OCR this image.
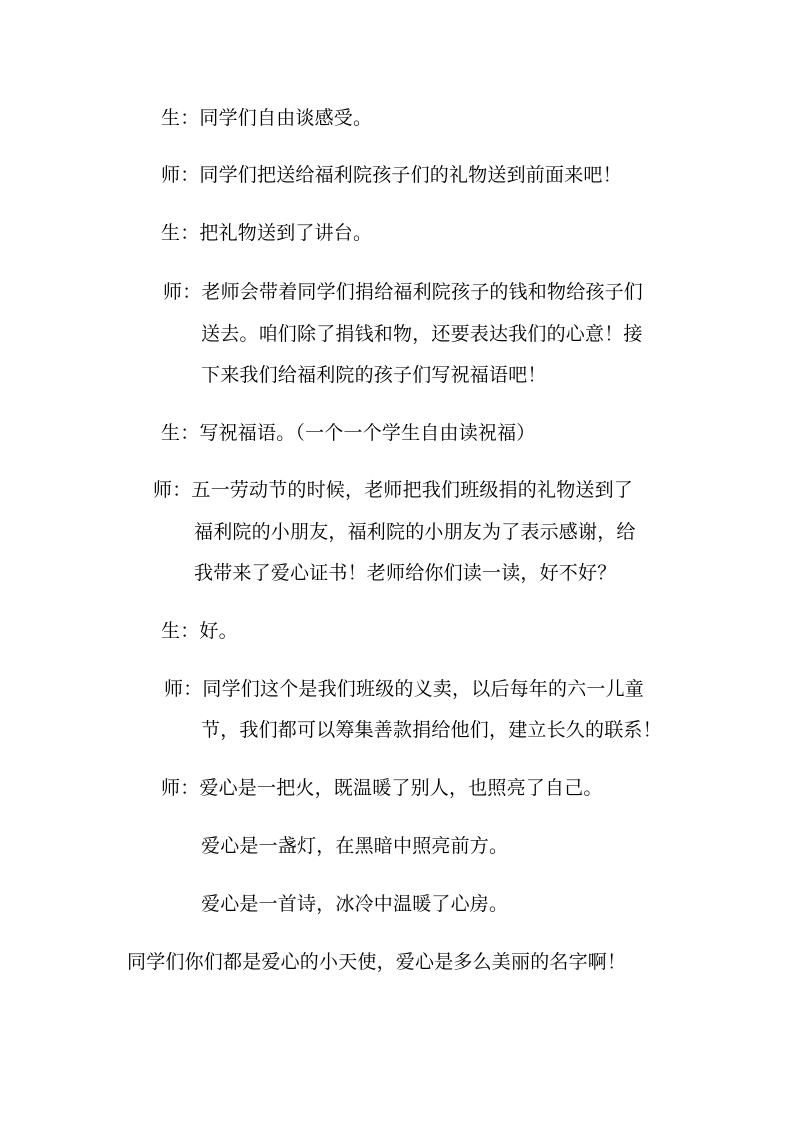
生：同学们自由谈感受。
师：同学们把送给福利院孩子们的礼物送到前面来吧！
生：把礼物送到了讲台。
师：老师会带着同学们捐给福利院孩子的钱和物给孩子们
送去。咱们除了捐钱和物，还要表达我们的心意！接
下来我们给福利院的孩子们写祝福语吧！
生：写祝福语。（一个一个学生自由读祝福）
师：五一劳动节的时候，老师把我们班级捐的礼物送到了
福利院的小朋友，福利院的小朋友为了表示感谢，给
我带来了爱心证书！老师给你们读一读，好不好？
生：好。
师：同学们这个是我们班级的义卖，以后每年的六一儿童
节，我们都可以筹集善款捐给他们，建立长久的联系！
师：爱心是一把火，既温暖了别人，也照亮了自己。
爱心是一盏灯，在黑暗中照亮前方。
爱心是一首诗，冰冷中温暖了心房。
同学们你们都是爱心的小天使，爱心是多么美丽的名字啊！
